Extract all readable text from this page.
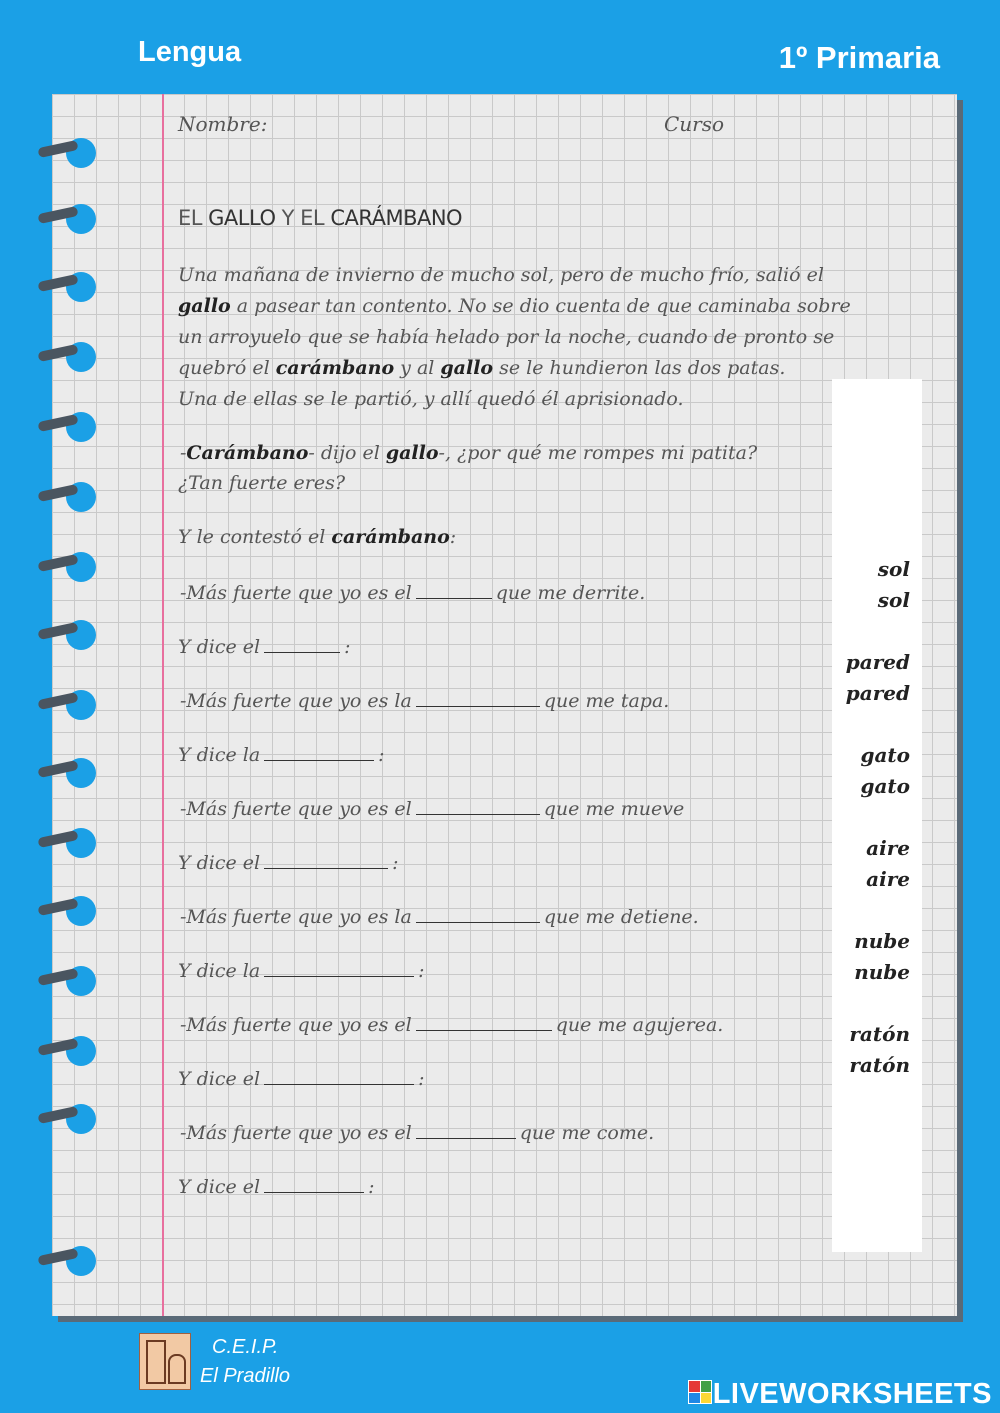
Lengua	1º Primaria
Nombre:	Curso
EL GALLO Y EL CARÁMBANO

Una mañana de invierno de mucho sol, pero de mucho frío, salió el

gallo a pasear tan contento. No se dio cuenta de que caminaba sobre

un arroyuelo que se había helado por la noche, cuando de pronto se

quebró el carámbano y al gallo se le hundieron las dos patas.

Una de ellas se le partió, y allí quedó él aprisionado.

-Carámbano- dijo el gallo-, ¿por qué me rompes mi patita?
¿Tan fuerte eres?
Y le contestó el carámbano:
-Más fuerte que yo es el	que me derrite.
Y dice el	:
-Más fuerte que yo es la	que me tapa.
Y dice la	:
-Más fuerte que yo es el	que me mueve
Y dice el	:
-Más fuerte que yo es la	que me detiene.
Y dice la	:
-Más fuerte que yo es el	que me agujerea.
Y dice el	:
-Más fuerte que yo es el	que me come.
Y dice el	:
sol
sol
pared
pared
gato
gato
aire
aire
nube
nube
ratón
ratón
C.E.I.P.
El Pradillo
LIVEWORKSHEETS
